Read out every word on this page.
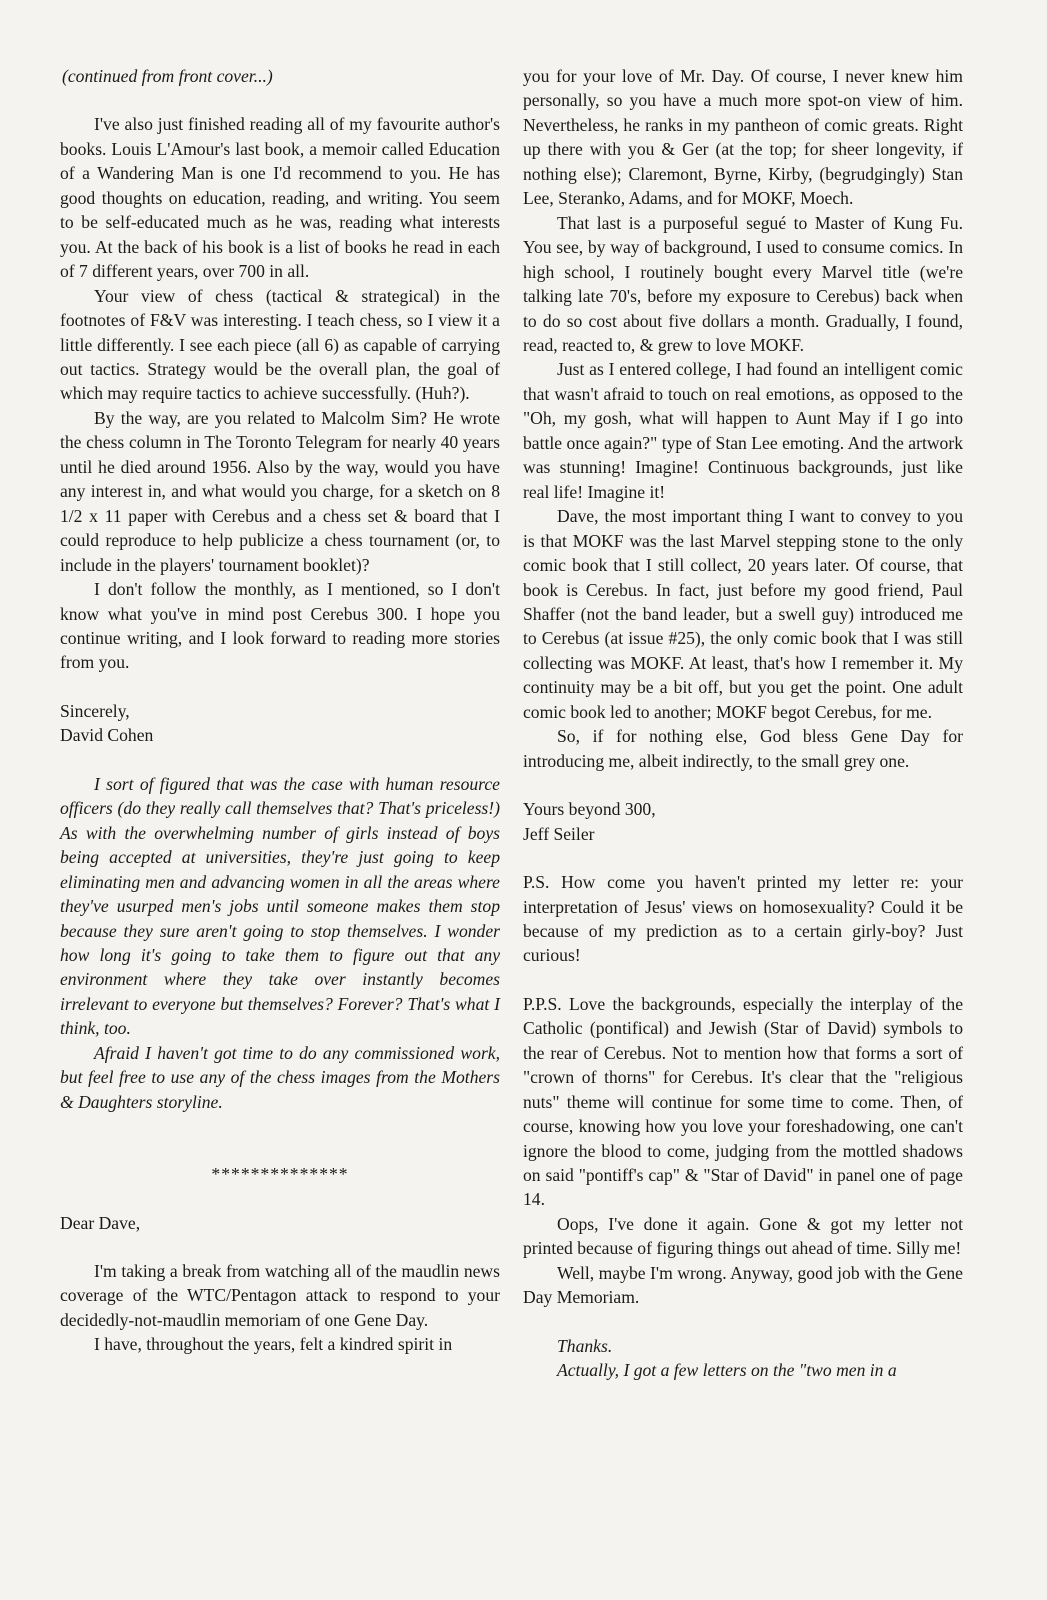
(continued from front cover...)

I've also just finished reading all of my favourite author's books. Louis L'Amour's last book, a memoir called Education of a Wandering Man is one I'd recommend to you. He has good thoughts on education, reading, and writing. You seem to be self-educated much as he was, reading what interests you. At the back of his book is a list of books he read in each of 7 different years, over 700 in all.

Your view of chess (tactical & strategical) in the footnotes of F&V was interesting. I teach chess, so I view it a little differently. I see each piece (all 6) as capable of carrying out tactics. Strategy would be the overall plan, the goal of which may require tactics to achieve successfully. (Huh?).

By the way, are you related to Malcolm Sim? He wrote the chess column in The Toronto Telegram for nearly 40 years until he died around 1956. Also by the way, would you have any interest in, and what would you charge, for a sketch on 8 1/2 x 11 paper with Cerebus and a chess set & board that I could reproduce to help publicize a chess tournament (or, to include in the players' tournament booklet)?

I don't follow the monthly, as I mentioned, so I don't know what you've in mind post Cerebus 300. I hope you continue writing, and I look forward to reading more stories from you.

Sincerely,

David Cohen

I sort of figured that was the case with human resource officers (do they really call themselves that? That's priceless!) As with the overwhelming number of girls instead of boys being accepted at universities, they're just going to keep eliminating men and advancing women in all the areas where they've usurped men's jobs until someone makes them stop because they sure aren't going to stop themselves. I wonder how long it's going to take them to figure out that any environment where they take over instantly becomes irrelevant to everyone but themselves? Forever? That's what I think, too.

Afraid I haven't got time to do any commissioned work, but feel free to use any of the chess images from the Mothers & Daughters storyline.

**************

Dear Dave,

I'm taking a break from watching all of the maudlin news coverage of the WTC/Pentagon attack to respond to your decidedly-not-maudlin memoriam of one Gene Day.

I have, throughout the years, felt a kindred spirit in

you for your love of Mr. Day. Of course, I never knew him personally, so you have a much more spot-on view of him. Nevertheless, he ranks in my pantheon of comic greats. Right up there with you & Ger (at the top; for sheer longevity, if nothing else); Claremont, Byrne, Kirby, (begrudgingly) Stan Lee, Steranko, Adams, and for MOKF, Moech.

That last is a purposeful segué to Master of Kung Fu. You see, by way of background, I used to consume comics. In high school, I routinely bought every Marvel title (we're talking late 70's, before my exposure to Cerebus) back when to do so cost about five dollars a month. Gradually, I found, read, reacted to, & grew to love MOKF.

Just as I entered college, I had found an intelligent comic that wasn't afraid to touch on real emotions, as opposed to the "Oh, my gosh, what will happen to Aunt May if I go into battle once again?" type of Stan Lee emoting. And the artwork was stunning! Imagine! Continuous backgrounds, just like real life! Imagine it!

Dave, the most important thing I want to convey to you is that MOKF was the last Marvel stepping stone to the only comic book that I still collect, 20 years later. Of course, that book is Cerebus. In fact, just before my good friend, Paul Shaffer (not the band leader, but a swell guy) introduced me to Cerebus (at issue #25), the only comic book that I was still collecting was MOKF. At least, that's how I remember it. My continuity may be a bit off, but you get the point. One adult comic book led to another; MOKF begot Cerebus, for me.

So, if for nothing else, God bless Gene Day for introducing me, albeit indirectly, to the small grey one.

Yours beyond 300,

Jeff Seiler

P.S. How come you haven't printed my letter re: your interpretation of Jesus' views on homosexuality? Could it be because of my prediction as to a certain girly-boy? Just curious!

P.P.S. Love the backgrounds, especially the interplay of the Catholic (pontifical) and Jewish (Star of David) symbols to the rear of Cerebus. Not to mention how that forms a sort of "crown of thorns" for Cerebus. It's clear that the "religious nuts" theme will continue for some time to come. Then, of course, knowing how you love your foreshadowing, one can't ignore the blood to come, judging from the mottled shadows on said "pontiff's cap" & "Star of David" in panel one of page 14.

Oops, I've done it again. Gone & got my letter not printed because of figuring things out ahead of time. Silly me!

Well, maybe I'm wrong. Anyway, good job with the Gene Day Memoriam.

Thanks.

Actually, I got a few letters on the "two men in a
